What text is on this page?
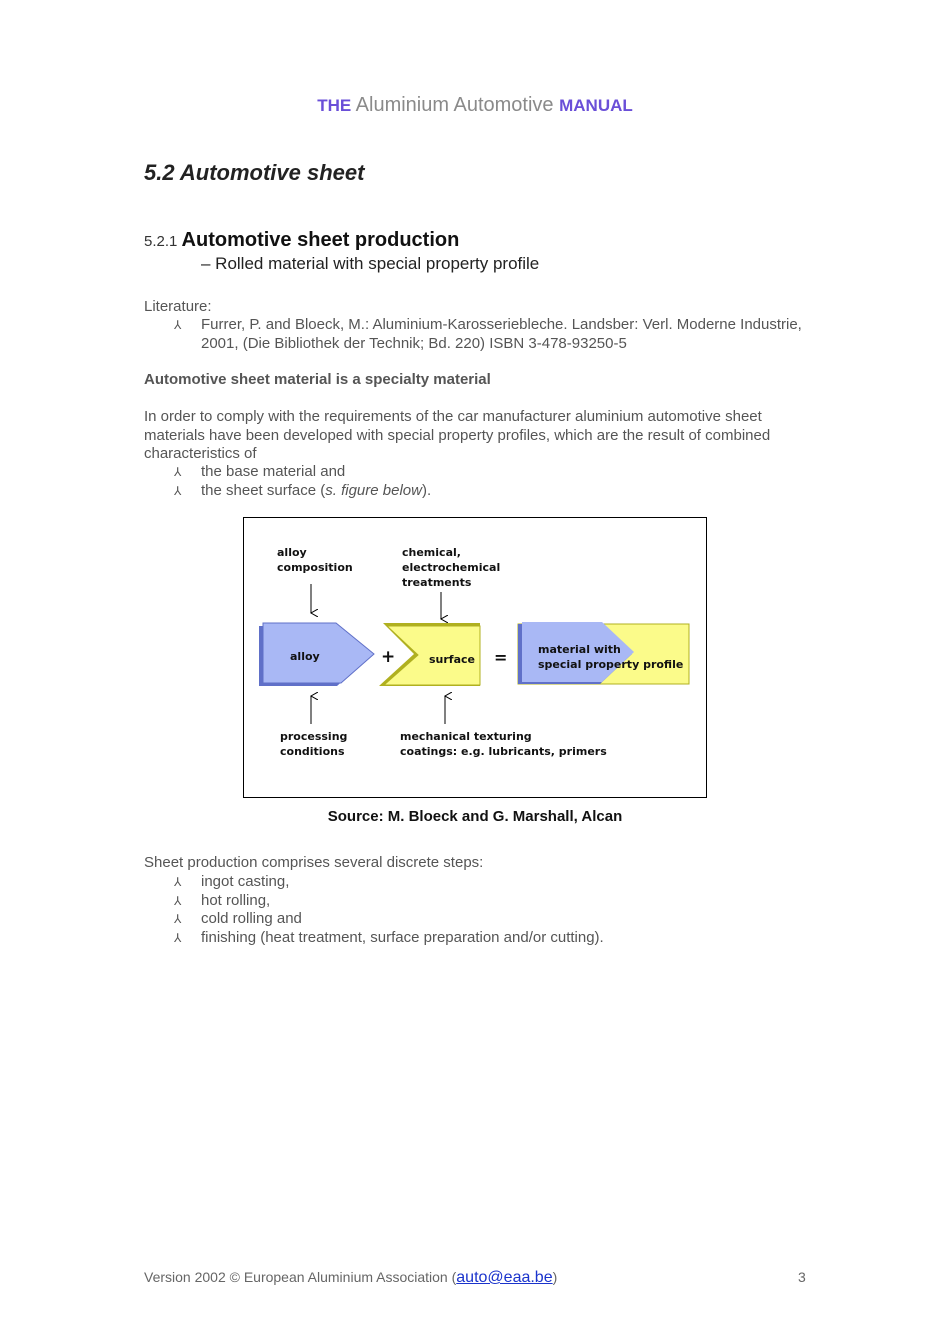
THE Aluminium Automotive MANUAL
5.2 Automotive sheet
5.2.1 Automotive sheet production
– Rolled material with special property profile
Literature:
⅄ Furrer, P. and Bloeck, M.: Aluminium-Karosseriebleche. Landsber: Verl. Moderne Industrie, 2001, (Die Bibliothek der Technik; Bd. 220) ISBN 3-478-93250-5
Automotive sheet material is a specialty material
In order to comply with the requirements of the car manufacturer aluminium automotive sheet materials have been developed with special property profiles, which are the result of combined characteristics of
⅄ the base material and
⅄ the sheet surface (s. figure below).
alloy
composition
chemical,
electrochemical
treatments
alloy	+	surface =	material with
special property profile
processing
conditions
mechanical texturing
coatings: e.g. lubricants, primers
Source: M. Bloeck and G. Marshall, Alcan
Sheet production comprises several discrete steps:
⅄ ingot casting,
⅄ hot rolling,
⅄ cold rolling and
⅄ finishing (heat treatment, surface preparation and/or cutting).
Version 2002 © European Aluminium Association (auto@eaa.be)	3
